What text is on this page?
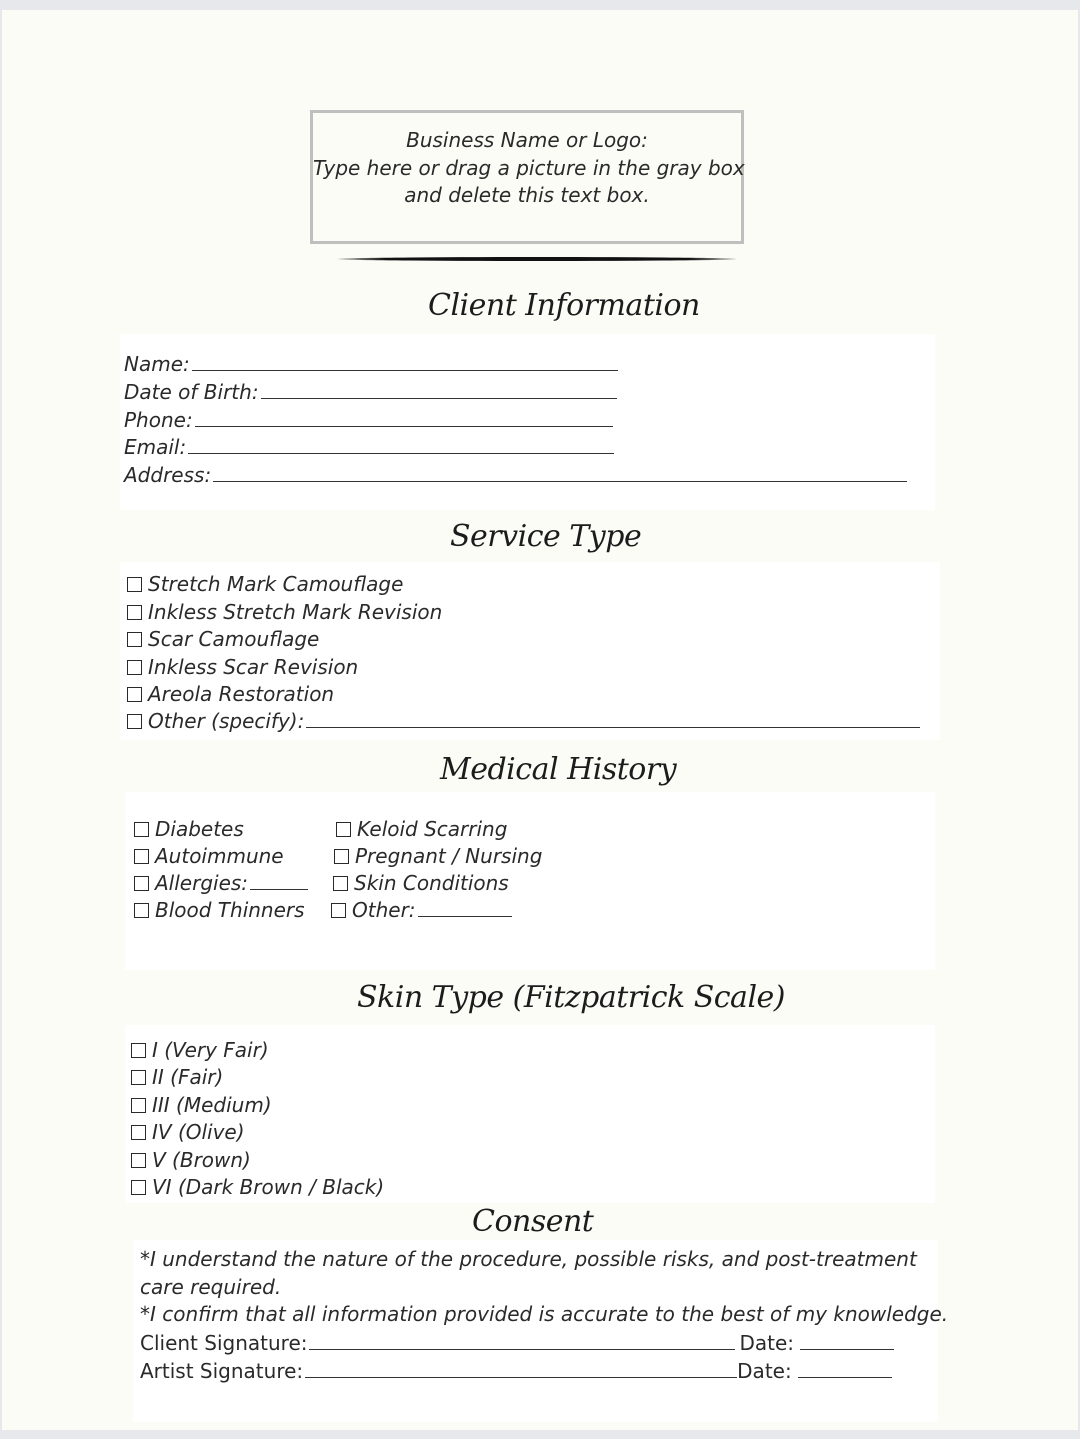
Business Name or Logo:
Type here or drag a picture in the gray box
and delete this text box.
Client Information
Name:
Date of Birth:
Phone:
Email:
Address:
Service Type
Stretch Mark Camouflage
Inkless Stretch Mark Revision
Scar Camouflage
Inkless Scar Revision
Areola Restoration
Other (specify):
Medical History
Diabetes
Autoimmune
Allergies:
Blood Thinners
Keloid Scarring
Pregnant / Nursing
Skin Conditions
Other:
Skin Type (Fitzpatrick Scale)
I (Very Fair)
II (Fair)
III (Medium)
IV (Olive)
V (Brown)
VI (Dark Brown / Black)
Consent
*I understand the nature of the procedure, possible risks, and post-treatment
care required.
*I confirm that all information provided is accurate to the best of my knowledge.
Client Signature:	Date:
Artist Signature:	Date:
